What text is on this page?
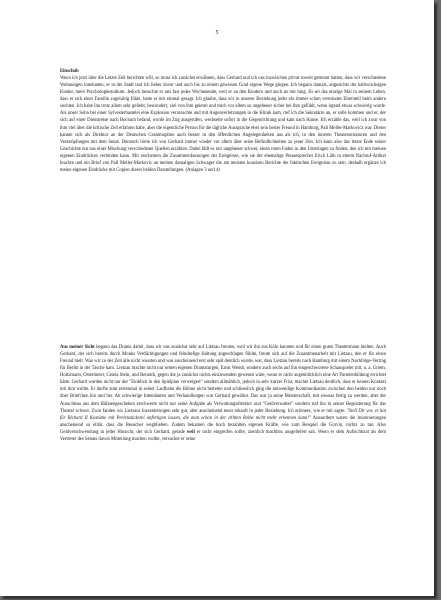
5
Einschub
Wenn ich jetzt über die Letzte Zeit berichten will, so muss ich zunächst erwähnen, dass Gerhard und ich uns inzwischen privat soweit getrennt hatten, dass wir verschiedene Wohnungen innehatten, er in der Stadt und ich lieber davor und auch bis zu einem gewissen Grad eigene Wege gingen. Ich begann damals, angesichts der halbwüchsigen Kinder, mein Psychologiestudium. Jedoch besuchte er uns fast jedes Wochenende, weil er an den Kindern und auch an mir hing. Es sei das einzige Mal in seinem Leben, dass er sich einer Familie zugehörig fühle, hatte er mir einmal gesagt. Ich glaube, dass wir in unserer Beziehung jeder ein immer schon vermisstes Elternteil beim andern suchten. Ich habe ihn trotz allem sehr geliebt, bewundert, viel von ihm gelernt und mich vor allem so ungeheuer sicher bei ihm gefühlt, wenn irgend etwas schwierig wurde. Als unser Sohn bei einer Sylvesterbastelei eine Explosion verursachte und mit Augenverletzungen in die Klinik kam, rief ich die Sekretärin an, er solle kommen und er, der sich auf einer Dienstreise nach Bochum befand, wurde im Zug ausgerufen, wechselte sofort in die Gegenrichtung und kam nach Hause. Ich erzähle das, weil ich zwar von ihm viel über die kritische Zeit erfahren habe, aber die eigentliche Person für die tägliche Aussprache eher sein bester Freund in Hamburg, Pali Meller-Markovicz war. Dieser kannte sich als Direktor an der Deutschen Grammophon auch besser in den öffentlichen Angelegenheiten aus als ich, in den inneren Theaterstrukturen und den Verknüpfungen mit dem Senat. Dennoch hörte ich von Gerhard immer wieder vor allem über seine Befindlichkeiten zu jener Zeit. Ich kann also das letzte Ende seiner Geschichte nur aus einer Mischung verschiedener Quellen erzählen. Dabei fällt es mir ungeheuer schwer, einen roten Faden in den Unterlagen zu finden, den ich mit meinen eigenen Eindrücken verbinden kann. Mir erscheinen die Zusammenfassungen der Ereignisse, wie sie der ehemalige Pressesprecher Erich Lüth in einem Nachruf-Artikel brachte und ein Brief von Pali Meller-Markovic an meinen damaligen Schwager die am meisten konzisen Berichte der faktischen Ereignisse zu sein, deshalb ergänze ich meine eigenen Eindrücke mit Copien dieser beiden Darstellungen. (Anlagen 3 und 4)
Aus meiner Sicht begann das Drama damit, dass wir uns zunächst sehr auf Lietzau freuten, weil wir ihn aus Köln kannten und für einen guten Theatermann hielten. Auch Gerhard, der sich bereits durch Monks Verdächtigungen und feindselige Haltung angeschlagen fühlte, freute sich auf die Zusammenarbeit mit Lietzau, den er für einen Freund hielt. Was wir zu der Zeit alle nicht wussten und was anscheinend erst sehr spät deutlich wurde, war, dass Lietzau bereits nach Hamburg mit einem Nachfolge-Vertrag für Berlin in der Tasche kam. Lietzau brachte nicht nur seinen eigenen Dramaturgen, Ernst Wendt, sondern auch sechs auf ihn eingeschworene Schauspieler mit, u. a. Griem, Holtzmann, Ostermeier, Gisela Stein, und Benrath, gegen die ja zunächst nichts einzuwenden gewesen wäre, wenn er nicht augenblicklich eine Art Parteienbildung errichtet hätte. Gerhard wurden nicht nur der "Einblick in den Spielplan verweigert" sondern allmählich, jedoch in sehr kurzer Frist, machte Lietzau deutlich, dass er keinen Kontakt mit ihm wollte. Er durfte zum erstenmal in seiner Laufbahn die Bühne nicht betreten und schliesslich ging die notwendige Kommunikation zwischen den beiden nur noch über Briefchen hin und her. An schwierige Intendanten und Verhandlungen war Gerhard gewöhnt. Das war ja seine Meisterschaft, mit soweas fertig zu werden, aber der Ausschluss aus dem Bühnengeschehen erschwerte nicht nur seine Aufgabe als Verwaltungsdirektor und "Geldverwalter" sondern traf ihn in seiner Begeisterung für das Theater schwer. Zwar fanden wir Lietzaus Inszenierungen sehr gut, aber anscheinend teuer erkauft in jeder Beziehung. Ich erinnere, wie er mir sagte: "Stell Dir vor, er hat für Richard II Kostüme mit Perlenstickerei anfertigen lassen, die man schon in der dritten Reihe nicht mehr erkennen kann!" Ausserdem waren die Inszenierungen anscheinend so elitär, dass die Besucher wegblieben. Zudem bekamen die hoch bezahlten eigenen Kräfte, wie zum Beispiel die Gorvin, nichts zu tun. Also Geldverschwendung in jeder Hinsicht, der sich Gerhard, gerade weil er nicht eingreifen sollte, ziemlich machtlos ausgeliefert sah. Wenn er dem Aufsichtsrat als dem Vertreter des Senats davon Mitteilung machen wollte, versuchte er seine
